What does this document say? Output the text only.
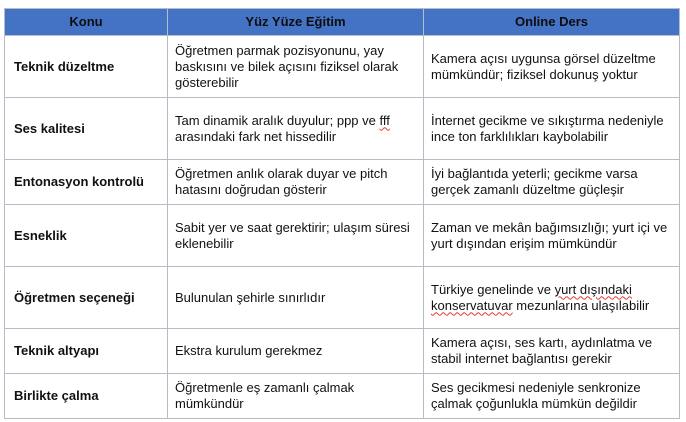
Konu	Yüz Yüze Eğitim	Online Ders
Teknik düzeltme	Öğretmen parmak pozisyonunu, yay baskısını ve bilek açısını fiziksel olarak gösterebilir	Kamera açısı uygunsa görsel düzeltme mümkündür; fiziksel dokunuş yoktur
Ses kalitesi	Tam dinamik aralık duyulur; ppp ve fff arasındaki fark net hissedilir	İnternet gecikme ve sıkıştırma nedeniyle ince ton farklılıkları kaybolabilir
Entonasyon kontrolü	Öğretmen anlık olarak duyar ve pitch hatasını doğrudan gösterir	İyi bağlantıda yeterli; gecikme varsa gerçek zamanlı düzeltme güçleşir
Esneklik	Sabit yer ve saat gerektirir; ulaşım süresi eklenebilir	Zaman ve mekân bağımsızlığı; yurt içi ve yurt dışından erişim mümkündür
Öğretmen seçeneği	Bulunulan şehirle sınırlıdır	Türkiye genelinde ve yurt dışındaki konservatuvar mezunlarına ulaşılabilir
Teknik altyapı	Ekstra kurulum gerekmez	Kamera açısı, ses kartı, aydınlatma ve stabil internet bağlantısı gerekir
Birlikte çalma	Öğretmenle eş zamanlı çalmak mümkündür	Ses gecikmesi nedeniyle senkronize çalmak çoğunlukla mümkün değildir
